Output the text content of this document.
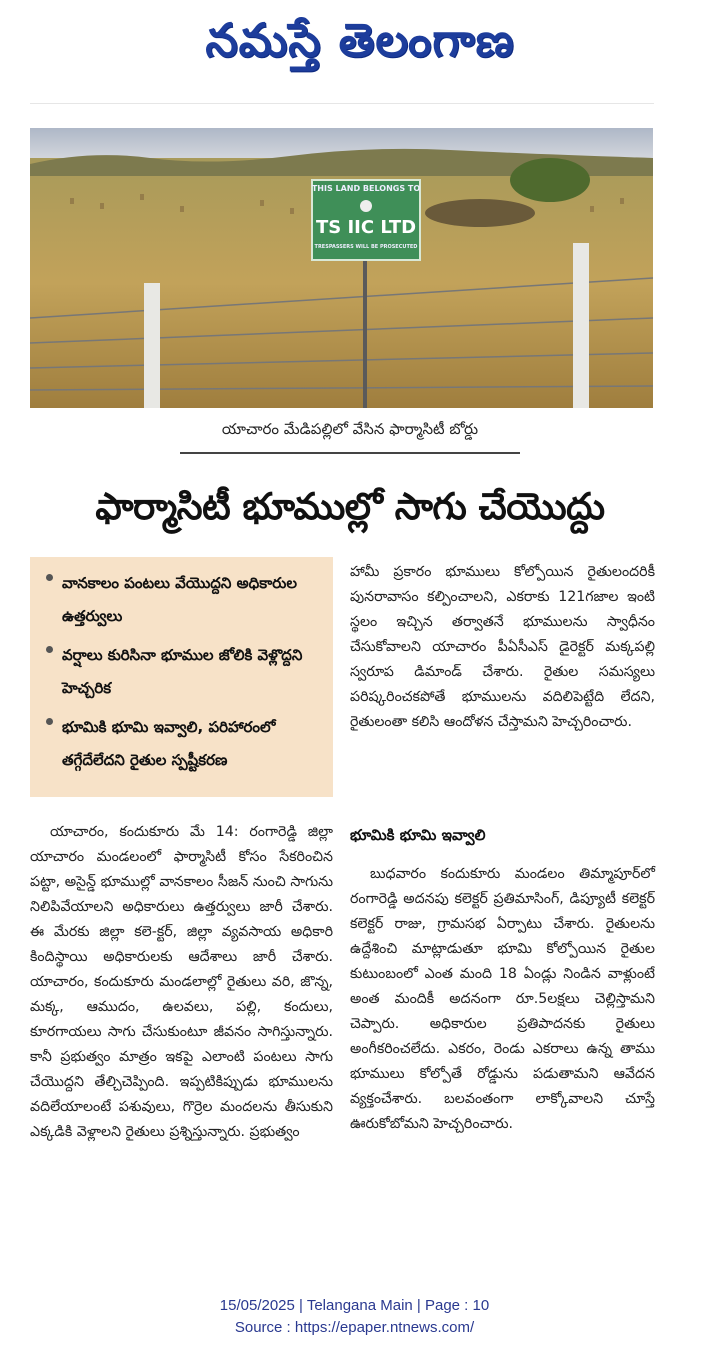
నమస్తే తెలంగాణ
THIS LAND BELONGS TO
TS IIC LTD
TRESPASSERS WILL BE PROSECUTED
యాచారం మేడిపల్లిలో వేసిన ఫార్మాసిటీ బోర్డు
ఫార్మాసిటీ భూముల్లో సాగు చేయొద్దు
వానకాలం పంటలు వేయొద్దని అధికారుల ఉత్తర్వులు
వర్షాలు కురిసినా భూముల జోలికి వెళ్లొద్దని హెచ్చరిక
భూమికి భూమి ఇవ్వాలి, పరిహారంలో తగ్గేదేలేదని రైతుల స్పష్టీకరణ

యాచారం, కందుకూరు మే 14: రంగారెడ్డి జిల్లా యాచారం మండలంలో ఫార్మాసిటీ కోసం సేకరించిన పట్టా, అసైన్డ్ భూముల్లో వానకాలం సీజన్ నుంచి సాగును నిలిపివేయాలని అధికారులు ఉత్తర్వులు జారీ చేశారు. ఈ మేరకు జిల్లా కలె-క్టర్, జిల్లా వ్యవసాయ అధికారి కిందిస్థాయి అధికారులకు ఆదేశాలు జారీ చేశారు. యాచారం, కందుకూరు మండలాల్లో రైతులు వరి, జొన్న, మక్క, ఆముదం, ఉలవలు, పల్లి, కందులు, కూరగాయలు సాగు చేసుకుంటూ జీవనం సాగిస్తున్నారు. కానీ ప్రభుత్వం మాత్రం ఇకపై ఎలాంటి పంటలు సాగు చేయొద్దని తేల్చిచెప్పింది. ఇప్పటికిప్పుడు భూములను వదిలేయాలంటే పశువులు, గొర్రెల మందలను తీసుకుని ఎక్కడికి వెళ్లాలని రైతులు ప్రశ్నిస్తున్నారు. ప్రభుత్వం

హామీ ప్రకారం భూములు కోల్పోయిన రైతులందరికీ పునరావాసం కల్పించాలని, ఎకరాకు 121గజాల ఇంటి స్థలం ఇచ్చిన తర్వాతనే భూములను స్వాధీనం చేసుకోవాలని యాచారం పీఏసీఎస్ డైరెక్టర్ మక్కపల్లి స్వరూప డిమాండ్ చేశారు. రైతుల సమస్యలు పరిష్కరించకపోతే భూములను వదిలిపెట్టేది లేదని, రైతులంతా కలిసి ఆందోళన చేస్తామని హెచ్చరించారు.

భూమికి భూమి ఇవ్వాలి

బుధవారం కందుకూరు మండలం తిమ్మాపూర్‌లో రంగారెడ్డి అదనపు కలెక్టర్ ప్రతిమాసింగ్, డిప్యూటీ కలెక్టర్ కలెక్టర్ రాజు, గ్రామసభ ఏర్పాటు చేశారు. రైతులను ఉద్దేశించి మాట్లాడుతూ భూమి కోల్పోయిన రైతుల కుటుంబంలో ఎంత మంది 18 ఏండ్లు నిండిన వాళ్లుంటే అంత మందికీ అదనంగా రూ.5లక్షలు చెల్లిస్తామని చెప్పారు. అధికారుల ప్రతిపాదనకు రైతులు అంగీకరించలేదు. ఎకరం, రెండు ఎకరాలు ఉన్న తాము భూములు కోల్పోతే రోడ్డును పడుతామని ఆవేదన వ్యక్తంచేశారు. బలవంతంగా లాక్కోవాలని చూస్తే ఊరుకోబోమని హెచ్చరించారు.

15/05/2025 | Telangana Main | Page : 10
Source : https://epaper.ntnews.com/
